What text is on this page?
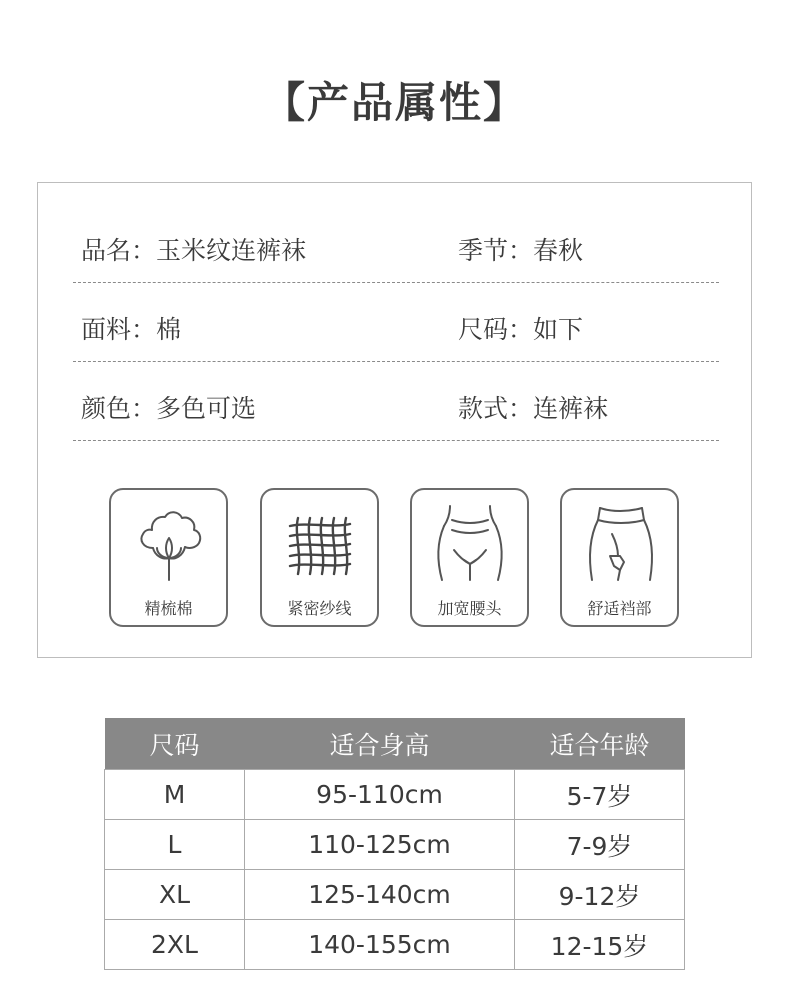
【产品属性】
品名：玉米纹连裤袜	季节：春秋
面料：棉	尺码：如下
颜色：多色可选	款式：连裤袜
精梳棉	紧密纱线	加宽腰头	舒适裆部
尺码	适合身高	适合年龄
M	95-110cm	5-7岁
L	110-125cm	7-9岁
XL	125-140cm	9-12岁
2XL	140-155cm	12-15岁
